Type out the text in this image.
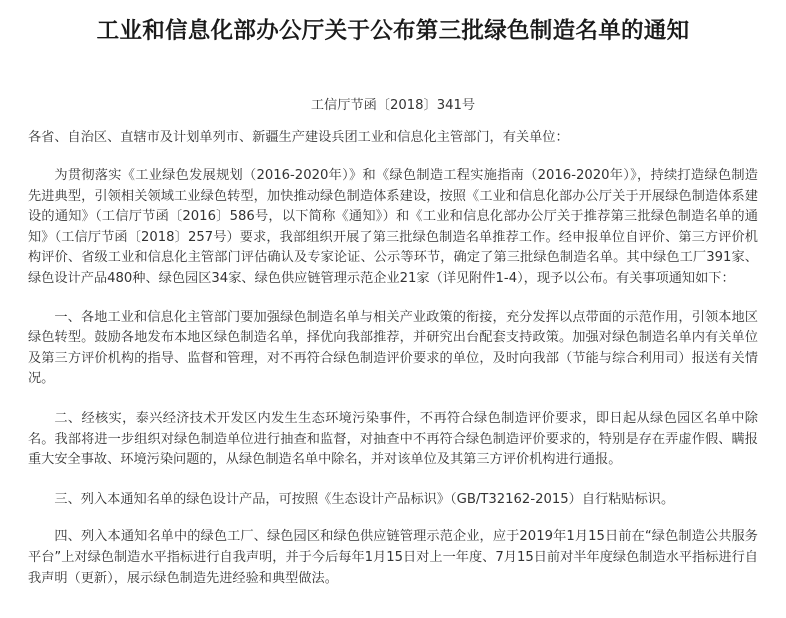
工业和信息化部办公厅关于公布第三批绿色制造名单的通知

工信厅节函〔2018〕341号

各省、自治区、直辖市及计划单列市、新疆生产建设兵团工业和信息化主管部门，有关单位：

为贯彻落实《工业绿色发展规划（2016-2020年）》和《绿色制造工程实施指南（2016-2020年）》，持续打造绿色制造先进典型，引领相关领域工业绿色转型，加快推动绿色制造体系建设，按照《工业和信息化部办公厅关于开展绿色制造体系建设的通知》（工信厅节函〔2016〕586号，以下简称《通知》）和《工业和信息化部办公厅关于推荐第三批绿色制造名单的通知》（工信厅节函〔2018〕257号）要求，我部组织开展了第三批绿色制造名单推荐工作。经申报单位自评价、第三方评价机构评价、省级工业和信息化主管部门评估确认及专家论证、公示等环节，确定了第三批绿色制造名单。其中绿色工厂391家、绿色设计产品480种、绿色园区34家、绿色供应链管理示范企业21家（详见附件1-4），现予以公布。有关事项通知如下：

一、各地工业和信息化主管部门要加强绿色制造名单与相关产业政策的衔接，充分发挥以点带面的示范作用，引领本地区绿色转型。鼓励各地发布本地区绿色制造名单，择优向我部推荐，并研究出台配套支持政策。加强对绿色制造名单内有关单位及第三方评价机构的指导、监督和管理，对不再符合绿色制造评价要求的单位，及时向我部（节能与综合利用司）报送有关情况。

二、经核实，泰兴经济技术开发区内发生生态环境污染事件，不再符合绿色制造评价要求，即日起从绿色园区名单中除名。我部将进一步组织对绿色制造单位进行抽查和监督，对抽查中不再符合绿色制造评价要求的，特别是存在弄虚作假、瞒报重大安全事故、环境污染问题的，从绿色制造名单中除名，并对该单位及其第三方评价机构进行通报。

三、列入本通知名单的绿色设计产品，可按照《生态设计产品标识》（GB/T32162-2015）自行粘贴标识。

四、列入本通知名单中的绿色工厂、绿色园区和绿色供应链管理示范企业，应于2019年1月15日前在“绿色制造公共服务平台”上对绿色制造水平指标进行自我声明，并于今后每年1月15日对上一年度、7月15日前对半年度绿色制造水平指标进行自我声明（更新），展示绿色制造先进经验和典型做法。
